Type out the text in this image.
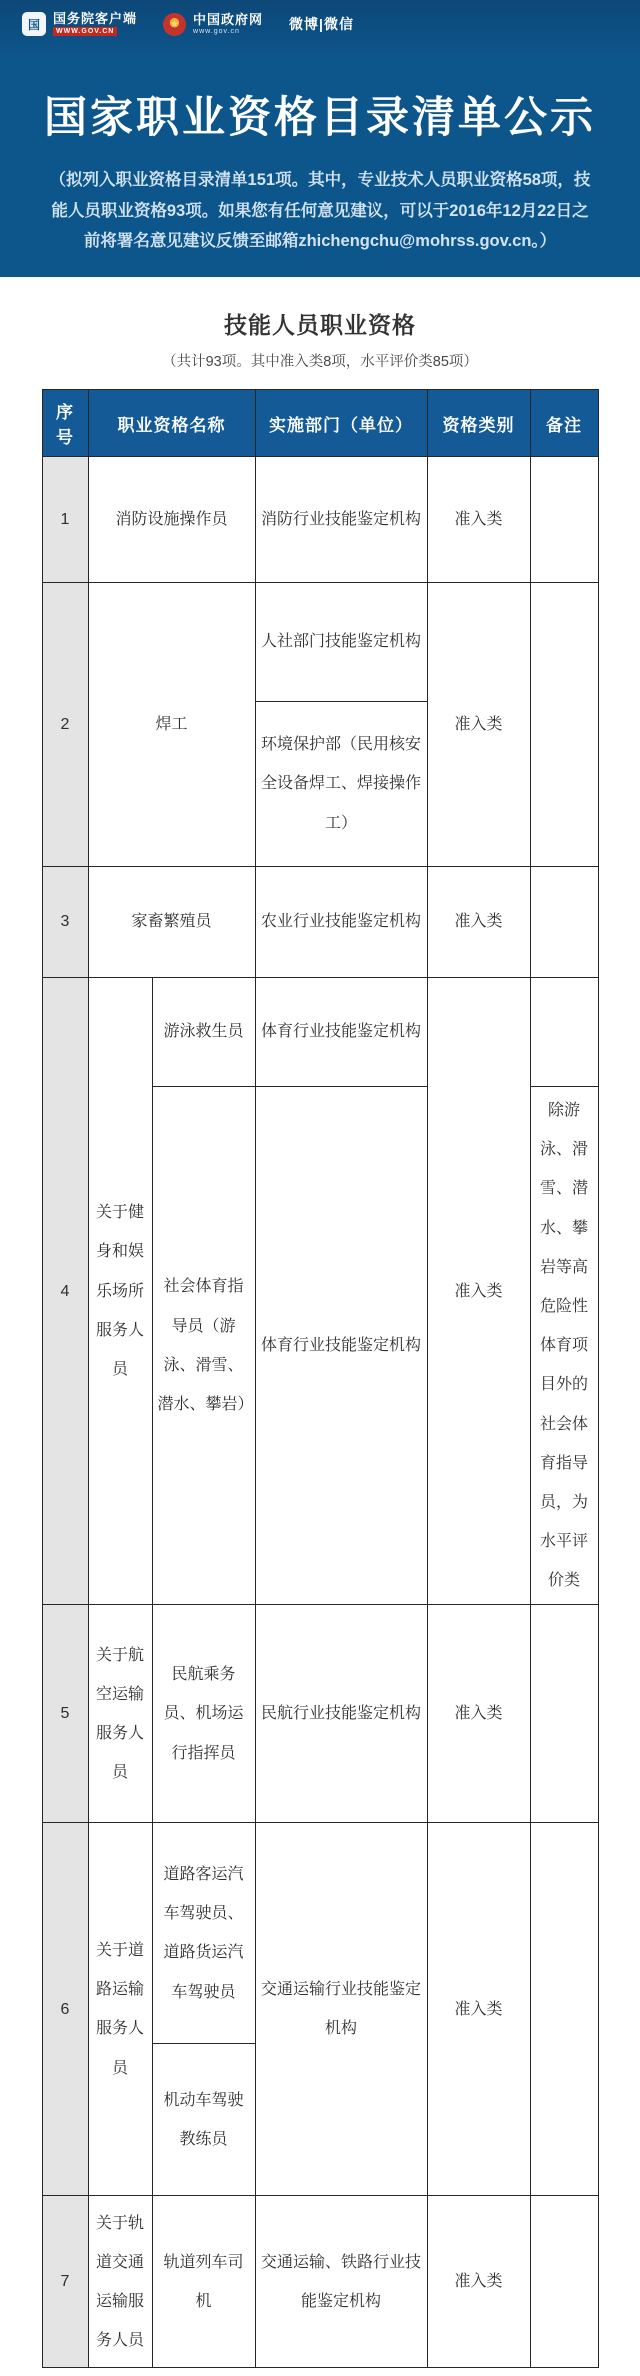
国	国务院客户端
WWW.GOV.CN
★	中国政府网
www.gov.cn	微博|微信
国家职业资格目录清单公示

（拟列入职业资格目录清单151项。其中，专业技术人员职业资格58项，技能人员职业资格93项。如果您有任何意见建议，可以于2016年12月22日之前将署名意见建议反馈至邮箱zhichengchu@mohrss.gov.cn。）

技能人员职业资格
（共计93项。其中准入类8项，水平评价类85项）
序号	职业资格名称		实施部门（单位）	资格类别	备注
1	消防设施操作员		消防行业技能鉴定机构	准入类	
2	焊工		人社部门技能鉴定机构	准入类	
			环境保护部（民用核安全设备焊工、焊接操作工）		
3	家畜繁殖员		农业行业技能鉴定机构	准入类	
4	关于健身和娱乐场所服务人员	游泳救生员	体育行业技能鉴定机构	准入类	
		社会体育指导员（游泳、滑雪、潜水、攀岩）	体育行业技能鉴定机构		除游泳、滑雪、潜水、攀岩等高危险性体育项目外的社会体育指导员，为水平评价类
5	关于航空运输服务人员	民航乘务员、机场运行指挥员	民航行业技能鉴定机构	准入类	
6	关于道路运输服务人员	道路客运汽车驾驶员、道路货运汽车驾驶员	交通运输行业技能鉴定机构	准入类	
		机动车驾驶教练员			
7	关于轨道交通运输服务人员	轨道列车司机	交通运输、铁路行业技能鉴定机构	准入类	
